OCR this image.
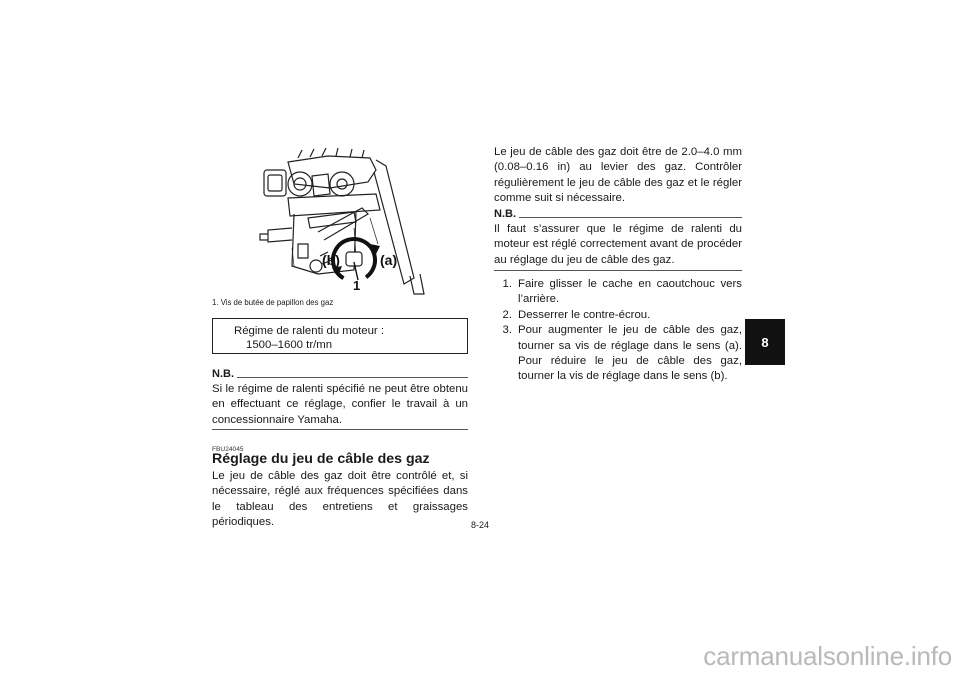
(b)	(a)
1
1. Vis de butée de papillon des gaz
Régime de ralenti du moteur :
1500–1600 tr/mn
N.B.

Si le régime de ralenti spécifié ne peut être obtenu en effectuant ce réglage, confier le travail à un concessionnaire Yamaha.

FBU24045
Réglage du jeu de câble des gaz

Le jeu de câble des gaz doit être contrôlé et, si nécessaire, réglé aux fréquences spécifiées dans le tableau des entretiens et graissages périodiques.

Le jeu de câble des gaz doit être de 2.0–4.0 mm (0.08–0.16 in) au levier des gaz. Contrôler régulièrement le jeu de câble des gaz et le régler comme suit si nécessaire.

N.B.

Il faut s’assurer que le régime de ralenti du moteur est réglé correctement avant de procéder au réglage du jeu de câble des gaz.

1. Faire glisser le cache en caoutchouc vers l’arrière.
2. Desserrer le contre-écrou.
3. Pour augmenter le jeu de câble des gaz, tourner sa vis de réglage dans le sens (a). Pour réduire le jeu de câble des gaz, tourner la vis de réglage dans le sens (b).
8-24
8
carmanualsonline.info
